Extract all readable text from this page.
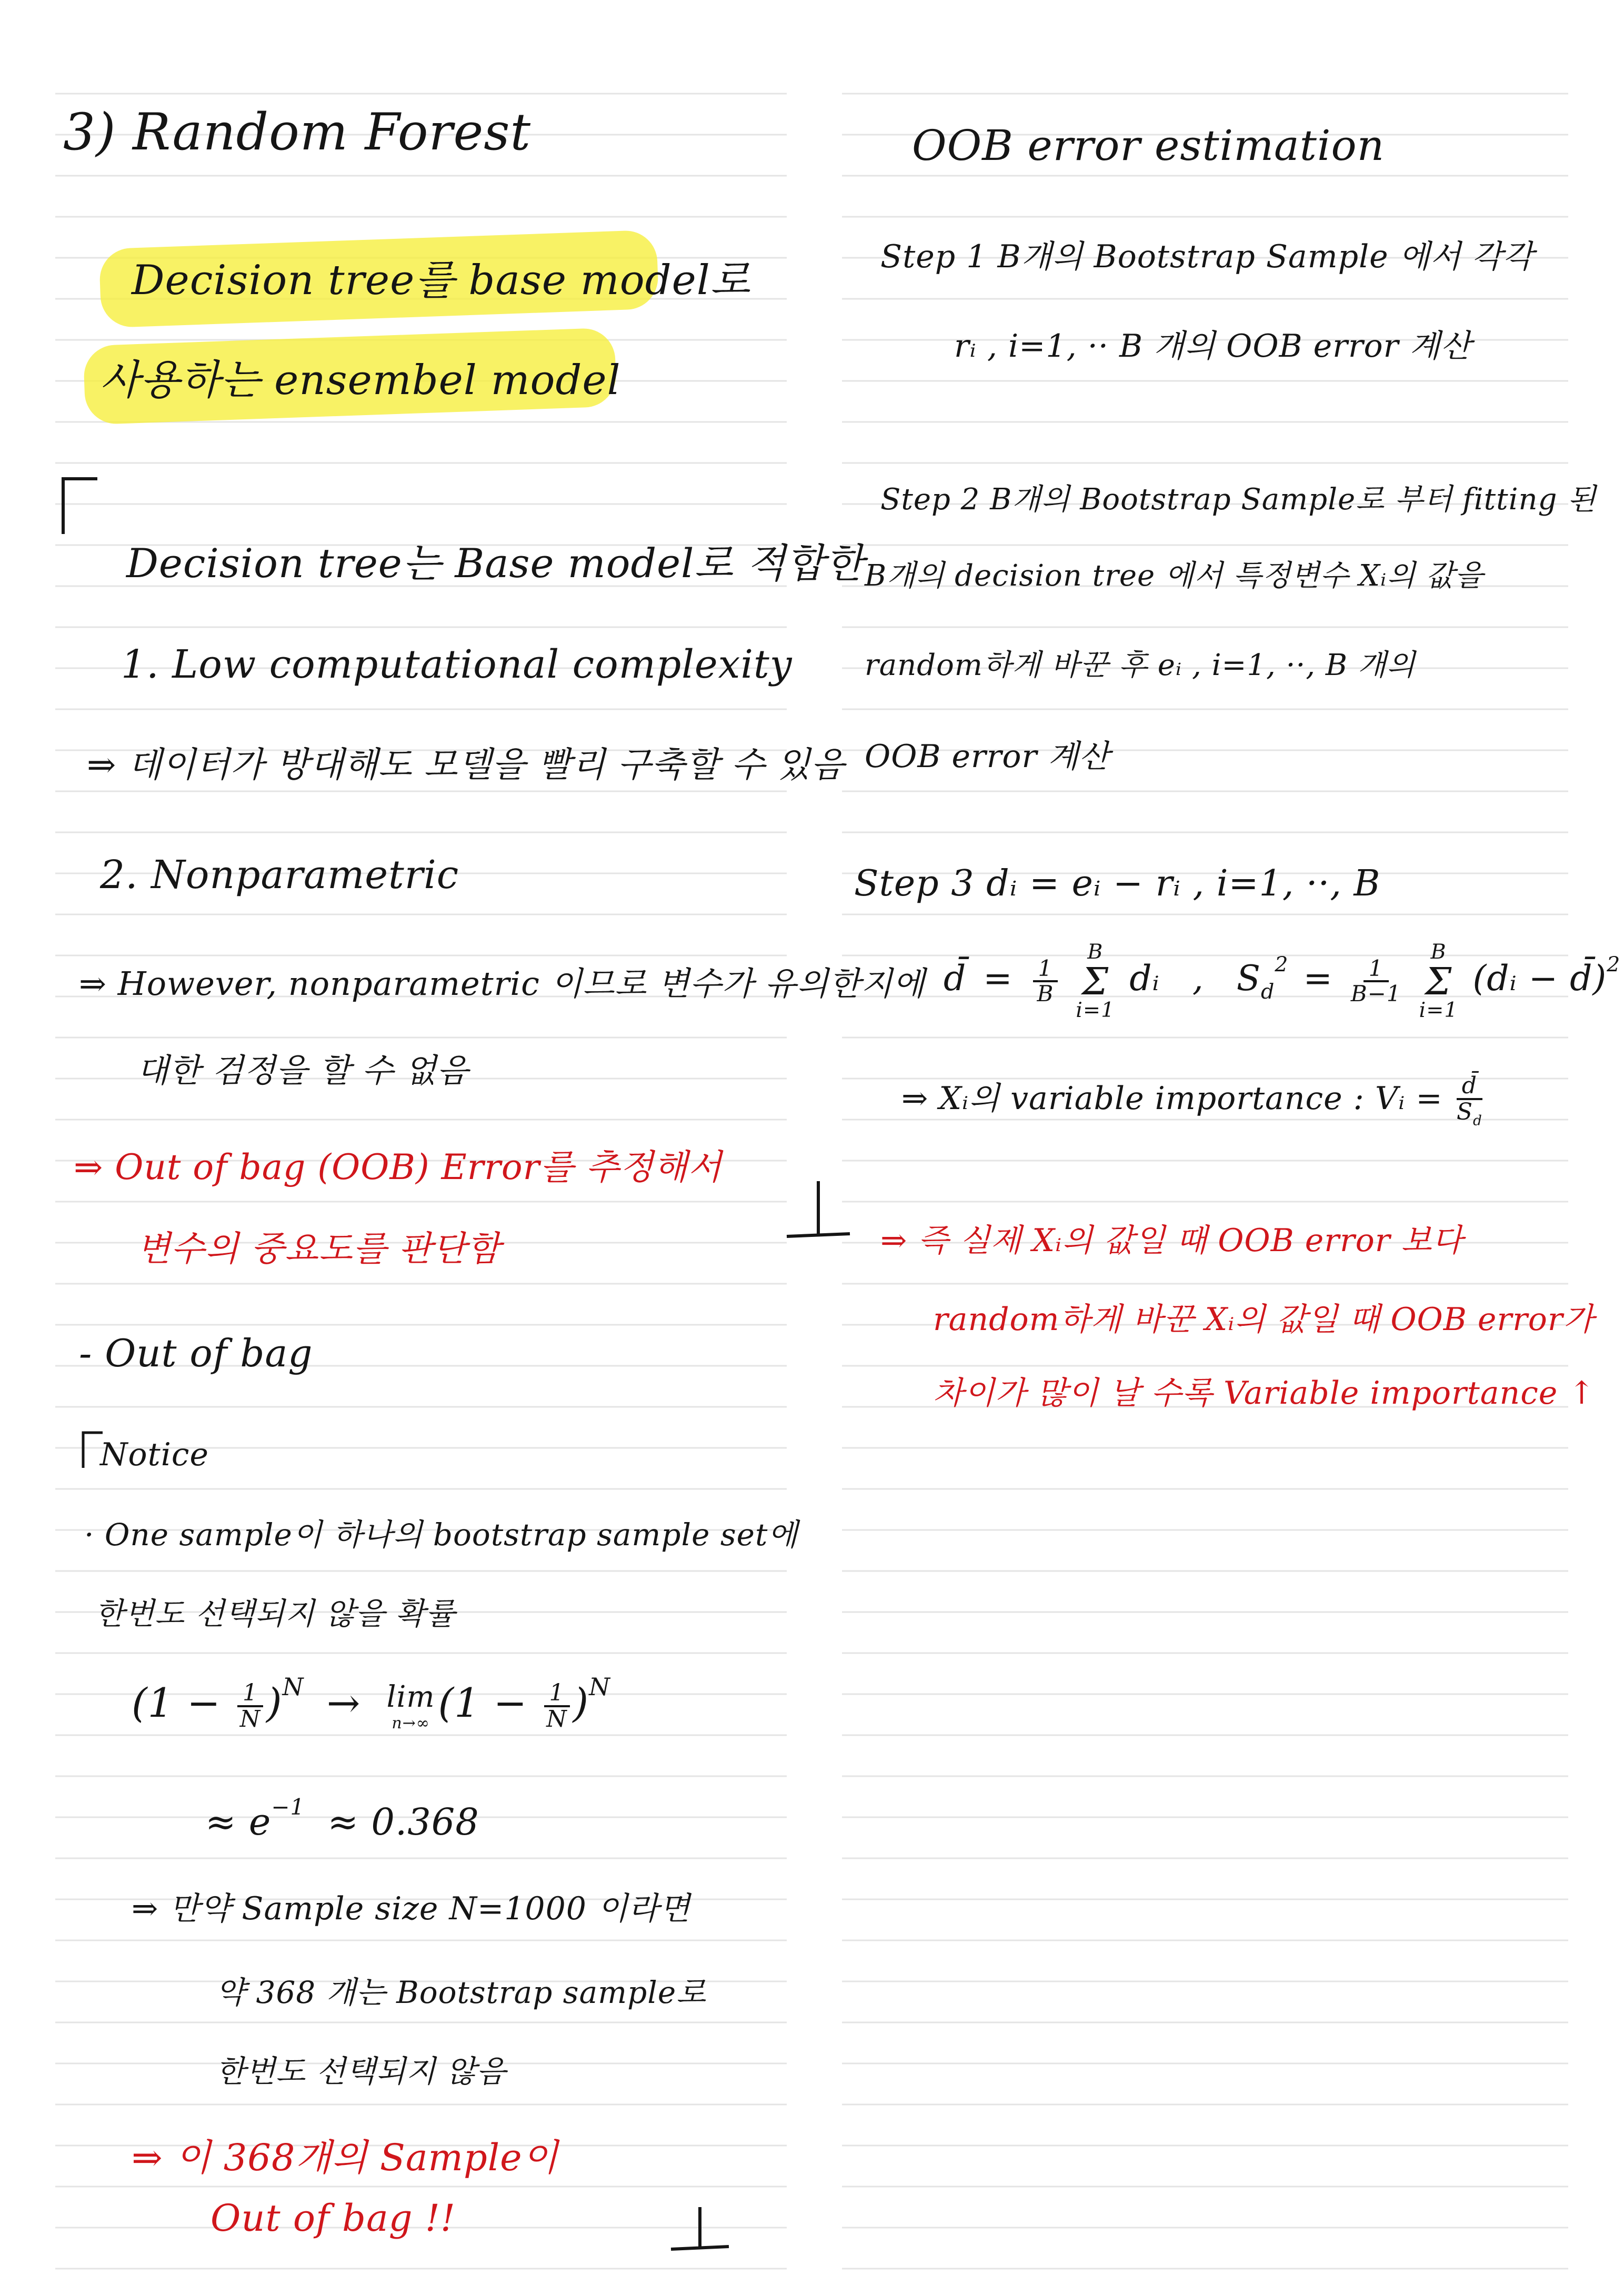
3) Random Forest
Decision tree를 base model로
사용하는 ensembel model
Decision tree는 Base model로 적합한
1. Low computational complexity
⇒ 데이터가 방대해도 모델을 빨리 구축할 수 있음
2. Nonparametric
⇒ However, nonparametric 이므로 변수가 유의한지에
대한 검정을 할 수 없음
⇒ Out of bag (OOB) Error를 추정해서
변수의 중요도를 판단함
- Out of bag
Notice
· One sample이 하나의 bootstrap sample set에
한번도 선택되지 않을 확률
$(1 - \frac{1}{N} )^N \to \lim$
n→∞ $(1 - \frac{1}{N} )^N$
≈ $e^{-1} \approx 0.368$
⇒ 만약 Sample size N=1000 이라면
약 368 개는 Bootstrap sample로
한번도 선택되지 않음
⇒ 이 368개의 Sample이
Out of bag !!
OOB error estimation
Step 1 B개의 Bootstrap Sample 에서 각각
rᵢ , i=1, ·· B 개의 OOB error 계산
Step 2 B개의 Bootstrap Sample로 부터 fitting 된
B개의 decision tree 에서 특정변수 Xᵢ의 값을
random하게 바꾼 후 eᵢ , i=1, ··, B 개의
OOB error 계산
Step 3 dᵢ = eᵢ − rᵢ , i=1, ··, B
d̄ = $\frac{1}{B}$

B
Σ
i=1
dᵢ , $S_d^2 = \frac{1}{B-1}$

B
Σ
i=1
(dᵢ − d̄)$^2$
⇒ Xᵢ의 variable importance : Vᵢ = $\frac{d̄}{S_d}$
⇒ 즉 실제 Xᵢ의 값일 때 OOB error 보다
random하게 바꾼 Xᵢ의 값일 때 OOB error가
차이가 많이 날 수록 Variable importance ↑
